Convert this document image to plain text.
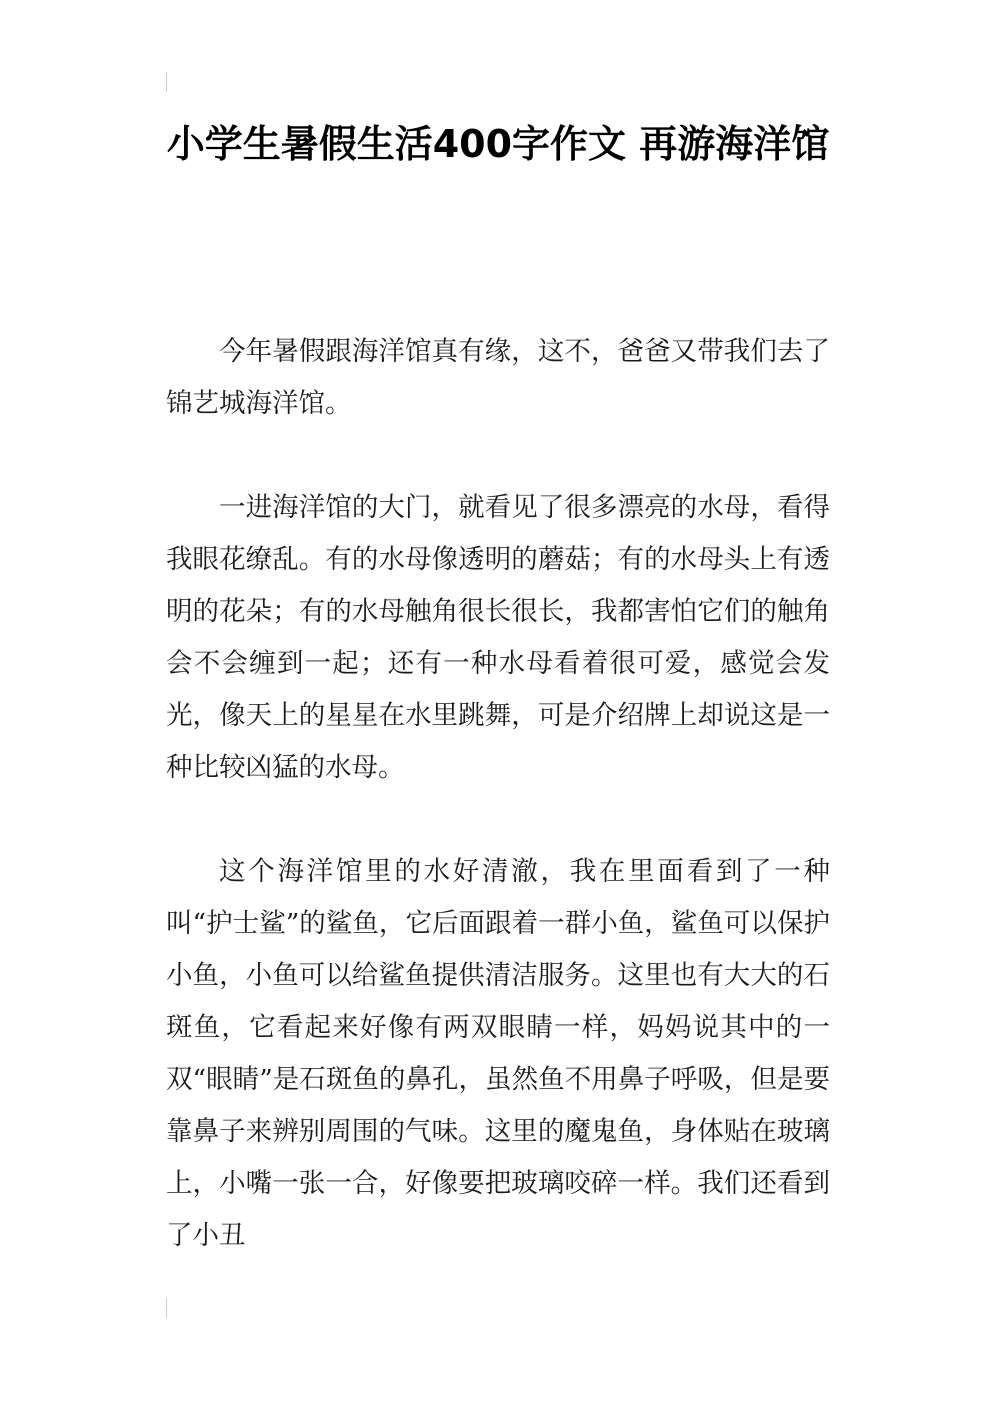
小学生暑假生活400字作文 再游海洋馆

今年暑假跟海洋馆真有缘，这不，爸爸又带我们去了锦艺城海洋馆。

一进海洋馆的大门，就看见了很多漂亮的水母，看得我眼花缭乱。有的水母像透明的蘑菇；有的水母头上有透明的花朵；有的水母触角很长很长，我都害怕它们的触角会不会缠到一起；还有一种水母看着很可爱，感觉会发光，像天上的星星在水里跳舞，可是介绍牌上却说这是一种比较凶猛的水母。

这个海洋馆里的水好清澈，我在里面看到了一种叫“护士鲨”的鲨鱼，它后面跟着一群小鱼，鲨鱼可以保护小鱼，小鱼可以给鲨鱼提供清洁服务。这里也有大大的石斑鱼，它看起来好像有两双眼睛一样，妈妈说其中的一双“眼睛”是石斑鱼的鼻孔，虽然鱼不用鼻子呼吸，但是要靠鼻子来辨别周围的气味。这里的魔鬼鱼，身体贴在玻璃上，小嘴一张一合，好像要把玻璃咬碎一样。我们还看到了小丑
